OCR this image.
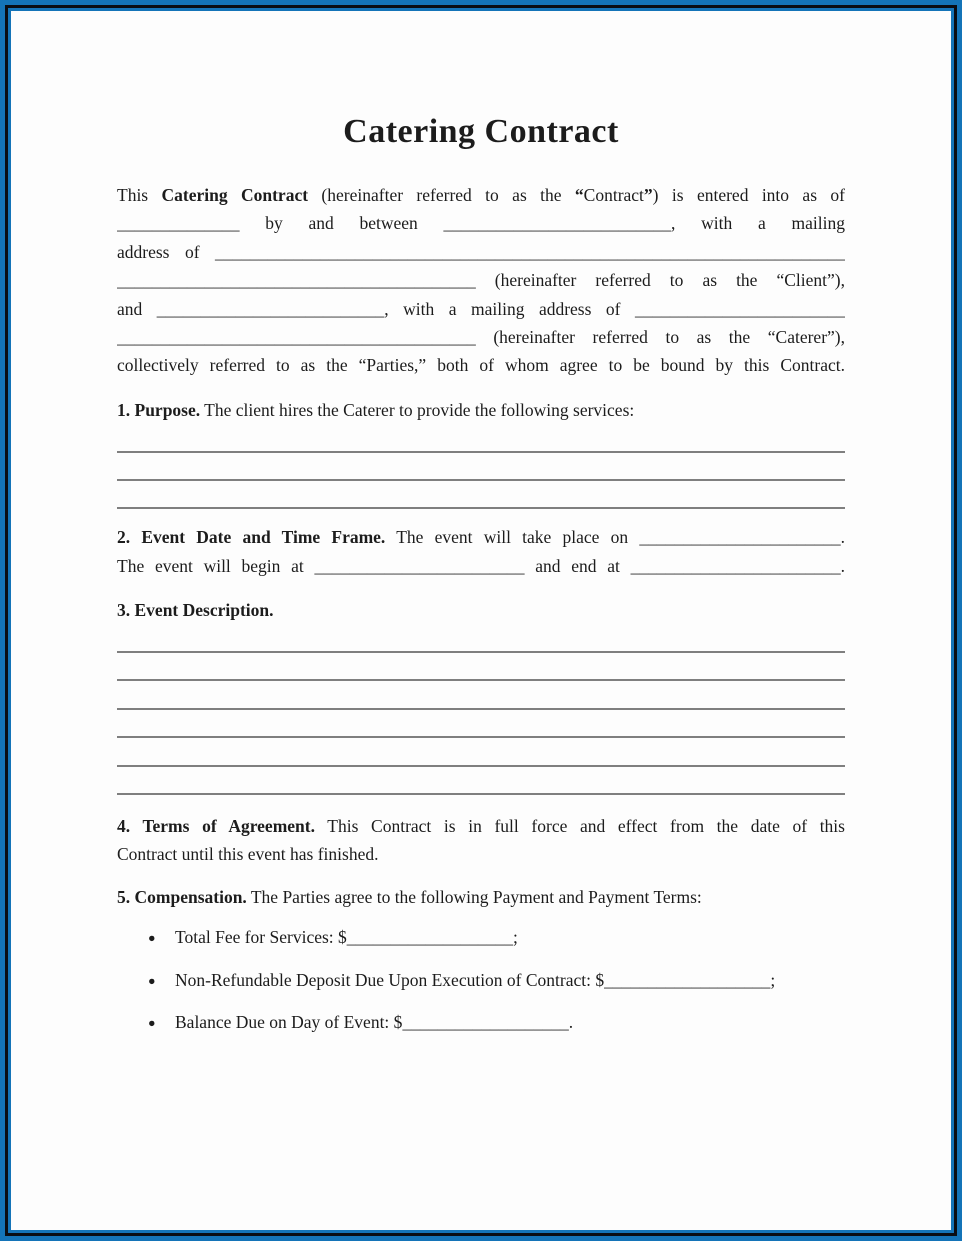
Catering Contract
This Catering Contract (hereinafter referred to as the “Contract”) is entered into as of
______________ by and between __________________________, with a mailing
address of ________________________________________________________________________
_________________________________________ (hereinafter referred to as the “Client”),
and __________________________, with a mailing address of ________________________
_________________________________________ (hereinafter referred to as the “Caterer”),
collectively referred to as the “Parties,” both of whom agree to be bound by this Contract.
1. Purpose. The client hires the Caterer to provide the following services:
2. Event Date and Time Frame. The event will take place on _______________________.
The event will begin at ________________________ and end at ________________________.
3. Event Description.
4. Terms of Agreement. This Contract is in full force and effect from the date of this
Contract until this event has finished.
5. Compensation. The Parties agree to the following Payment and Payment Terms:
● Total Fee for Services: $___________________;
● Non-Refundable Deposit Due Upon Execution of Contract: $___________________;
● Balance Due on Day of Event: $___________________.
